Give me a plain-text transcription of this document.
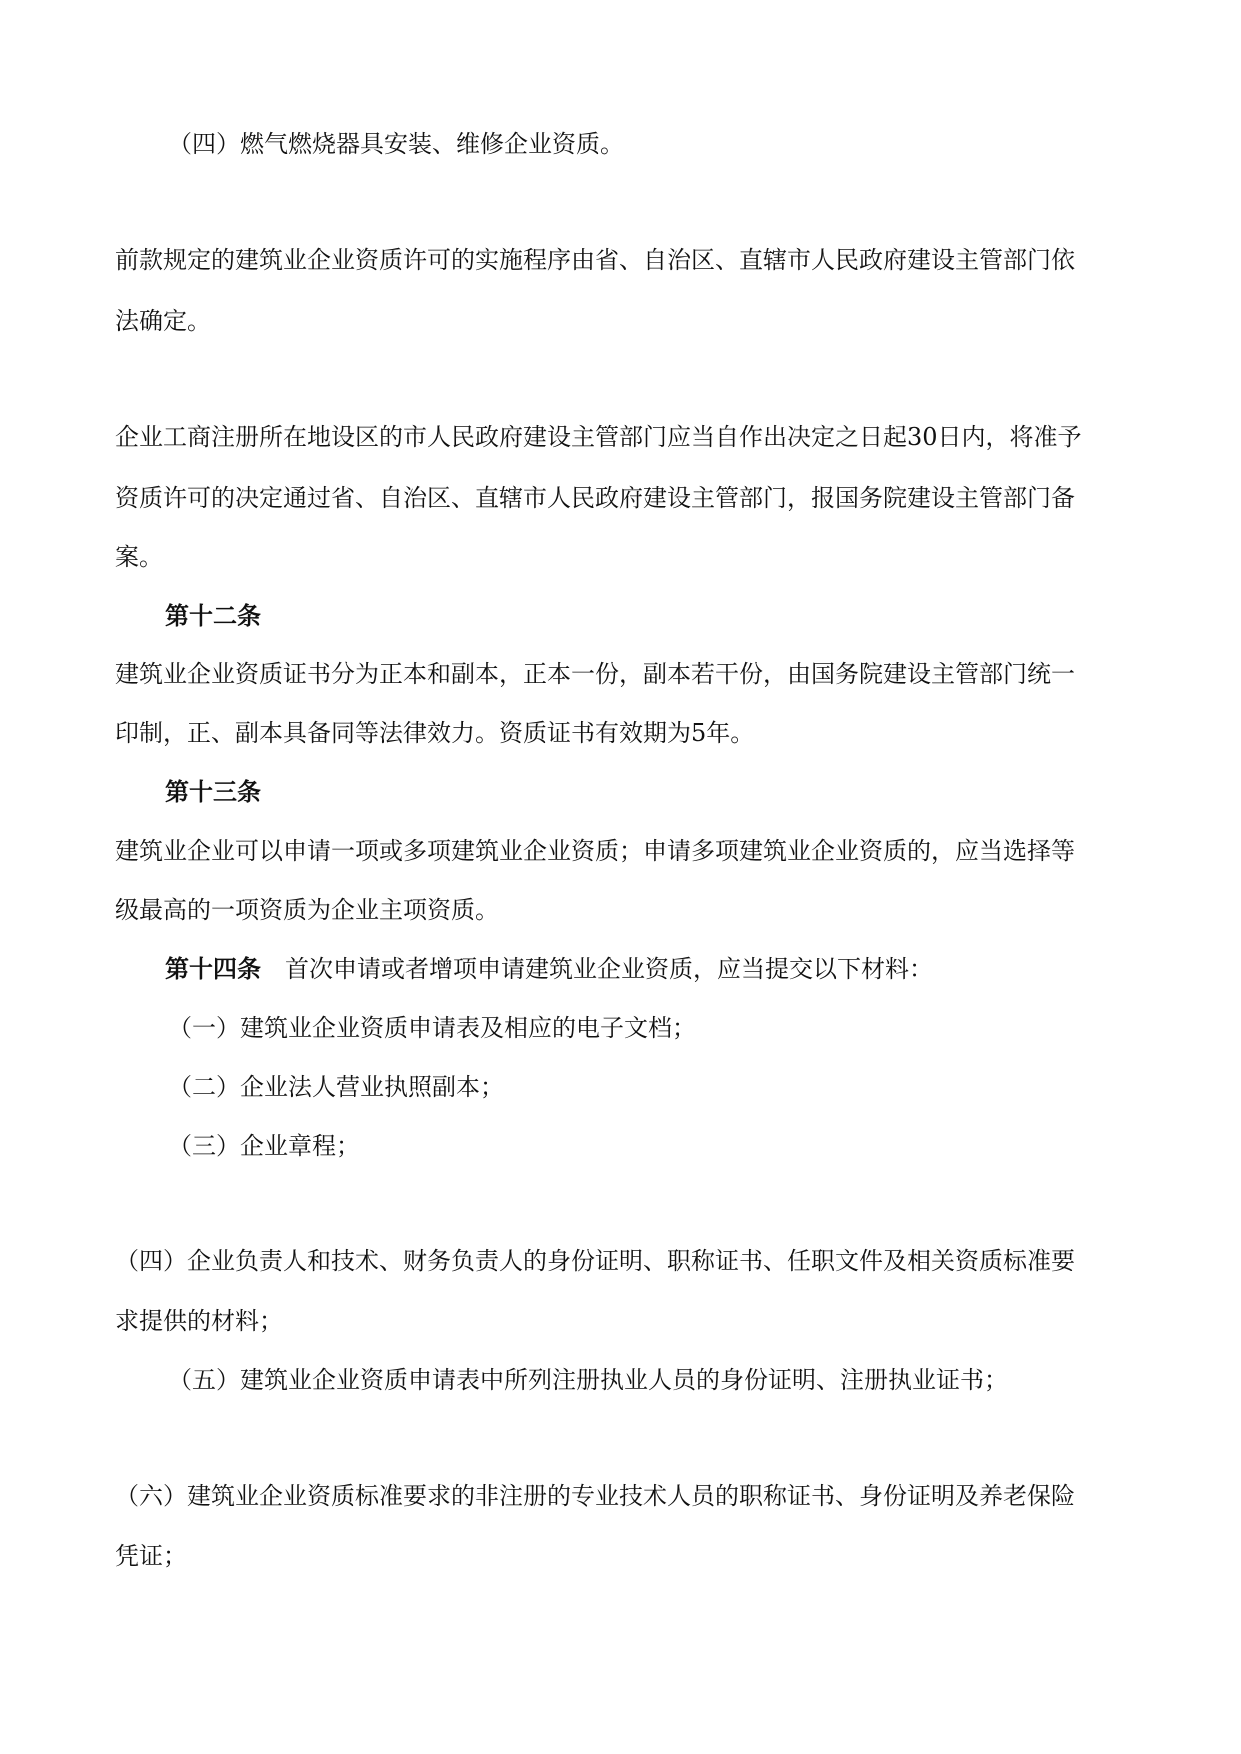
（四）燃气燃烧器具安装、维修企业资质。
前款规定的建筑业企业资质许可的实施程序由省、自治区、直辖市人民政府建设主管部门依
法确定。
企业工商注册所在地设区的市人民政府建设主管部门应当自作出决定之日起30日内，将准予
资质许可的决定通过省、自治区、直辖市人民政府建设主管部门，报国务院建设主管部门备
案。
第十二条
建筑业企业资质证书分为正本和副本，正本一份，副本若干份，由国务院建设主管部门统一
印制，正、副本具备同等法律效力。资质证书有效期为5年。
第十三条
建筑业企业可以申请一项或多项建筑业企业资质；申请多项建筑业企业资质的，应当选择等
级最高的一项资质为企业主项资质。
第十四条 首次申请或者增项申请建筑业企业资质，应当提交以下材料：
（一）建筑业企业资质申请表及相应的电子文档；
（二）企业法人营业执照副本；
（三）企业章程；
（四）企业负责人和技术、财务负责人的身份证明、职称证书、任职文件及相关资质标准要
求提供的材料；
（五）建筑业企业资质申请表中所列注册执业人员的身份证明、注册执业证书；
（六）建筑业企业资质标准要求的非注册的专业技术人员的职称证书、身份证明及养老保险
凭证；
